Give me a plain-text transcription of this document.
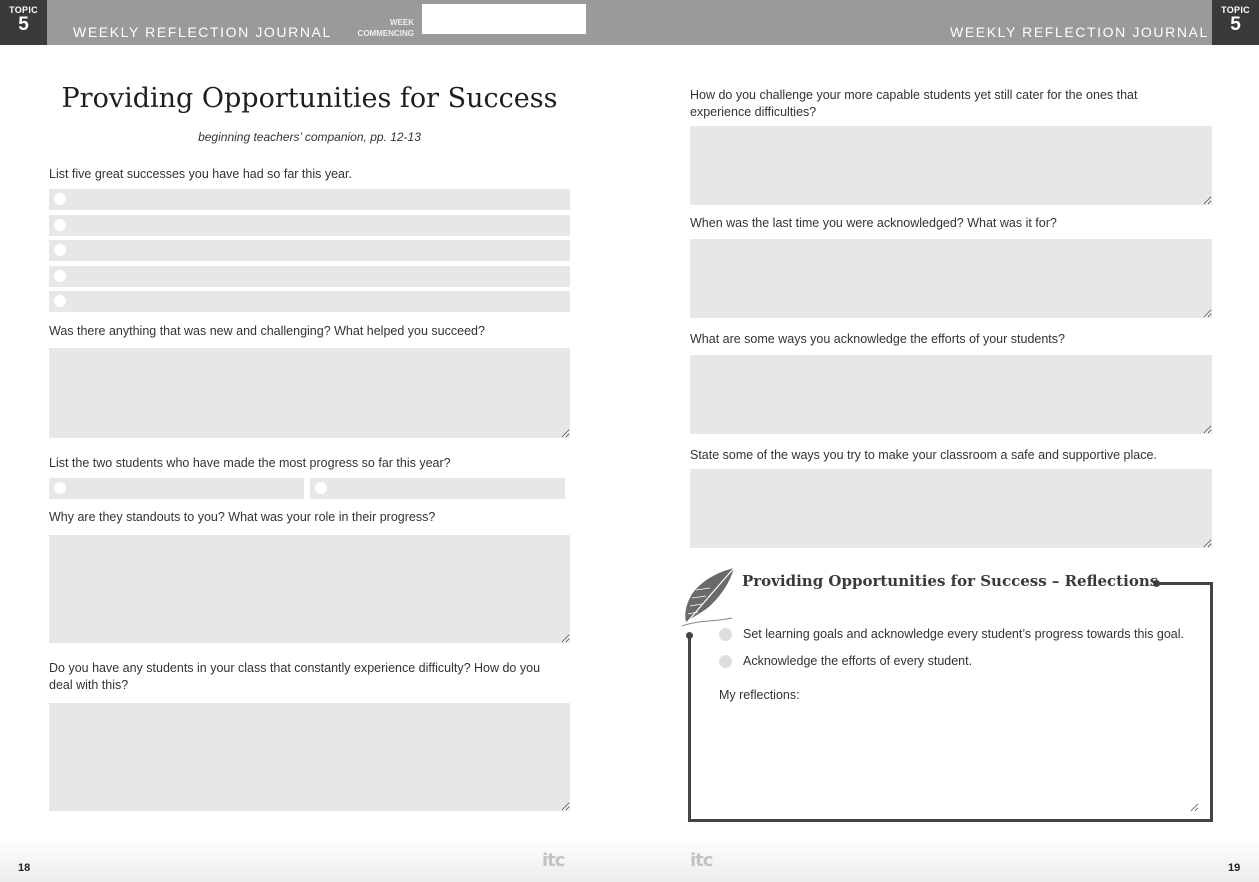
TOPIC
5	WEEKLY REFLECTION JOURNAL
WEEK
COMMENCING	WEEKLY REFLECTION JOURNAL
TOPIC
5
Providing Opportunities for Success
beginning teachers’ companion, pp. 12-13
List five great successes you have had so far this year.
Was there anything that was new and challenging? What helped you succeed?
List the two students who have made the most progress so far this year?
Why are they standouts to you? What was your role in their progress?
Do you have any students in your class that constantly experience difficulty? How do you
deal with this?
How do you challenge your more capable students yet still cater for the ones that
experience difficulties?
When was the last time you were acknowledged? What was it for?
What are some ways you acknowledge the efforts of your students?
State some of the ways you try to make your classroom a safe and supportive place.
Providing Opportunities for Success – Reflections
Set learning goals and acknowledge every student’s progress towards this goal.
Acknowledge the efforts of every student.
My reflections:
18	itc	itc	19
